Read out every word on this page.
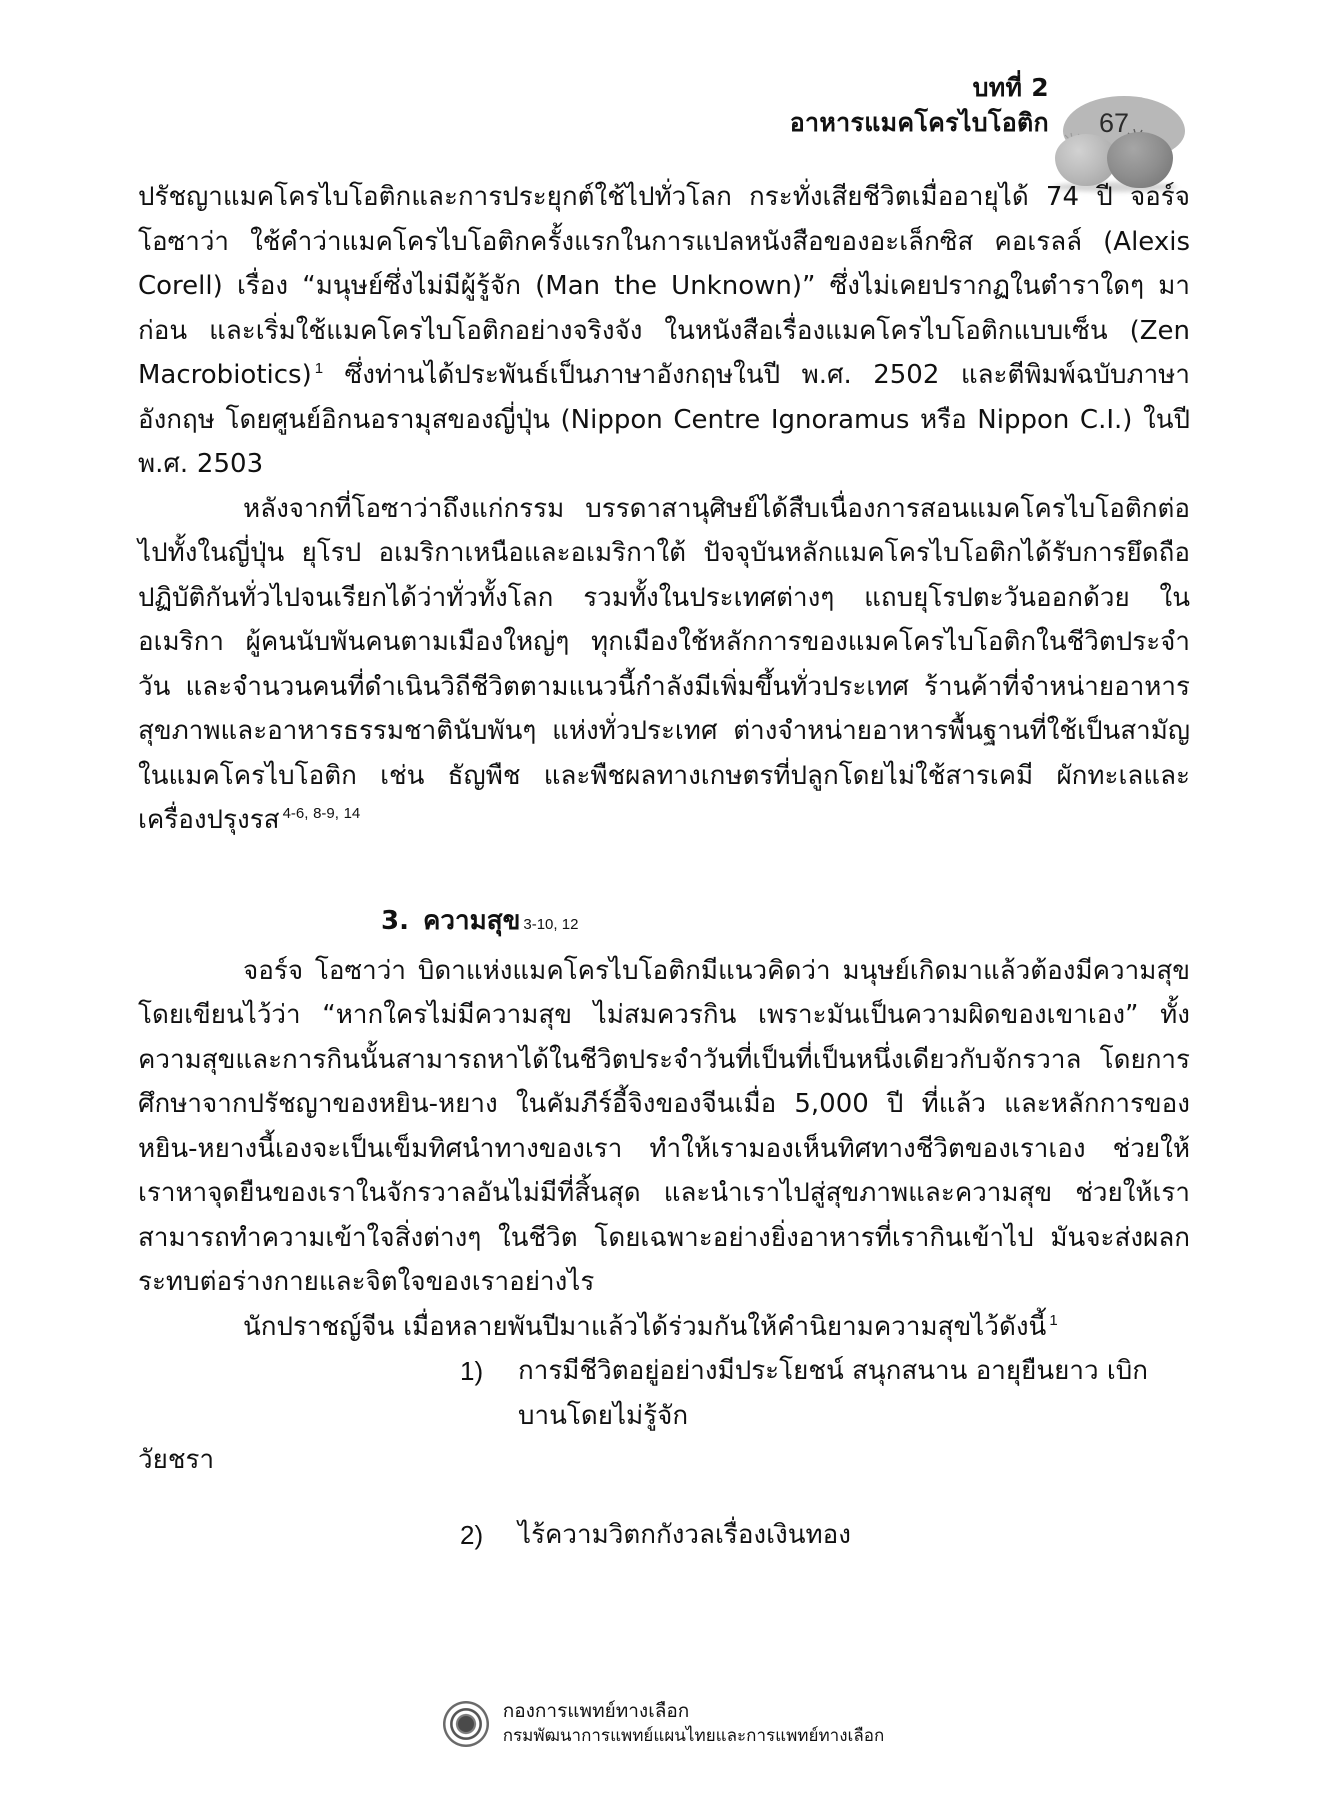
บทที่ 2
อาหารแมคโครไบโอติก	67

ปรัชญาแมคโครไบโอติกและการประยุกต์ใช้ไปทั่วโลก กระทั่งเสียชีวิตเมื่ออายุได้ 74 ปี จอร์จ โอซาว่า ใช้คำว่าแมคโครไบโอติกครั้งแรกในการแปลหนังสือของอะเล็กซิส คอเรลล์ (Alexis Corell) เรื่อง “มนุษย์ซึ่งไม่มีผู้รู้จัก (Man the Unknown)” ซึ่งไม่เคยปรากฏในตำราใดๆ มาก่อน และเริ่มใช้แมคโครไบโอติกอย่างจริงจัง ในหนังสือเรื่องแมคโครไบโอติกแบบเซ็น (Zen Macrobiotics) $^1$ ซึ่งท่านได้ประพันธ์เป็นภาษาอังกฤษในปี พ.ศ. 2502 และตีพิมพ์ฉบับภาษาอังกฤษ โดยศูนย์อิกนอรามุสของญี่ปุ่น (Nippon Centre Ignoramus หรือ Nippon C.I.) ในปี พ.ศ. 2503

หลังจากที่โอซาว่าถึงแก่กรรม บรรดาสานุศิษย์ได้สืบเนื่องการสอนแมคโครไบโอติกต่อไปทั้งในญี่ปุ่น ยุโรป อเมริกาเหนือและอเมริกาใต้ ปัจจุบันหลักแมคโครไบโอติกได้รับการยึดถือปฏิบัติกันทั่วไปจนเรียกได้ว่าทั่วทั้งโลก รวมทั้งในประเทศต่างๆ แถบยุโรปตะวันออกด้วย ในอเมริกา ผู้คนนับพันคนตามเมืองใหญ่ๆ ทุกเมืองใช้หลักการของแมคโครไบโอติกในชีวิตประจำวัน และจำนวนคนที่ดำเนินวิถีชีวิตตามแนวนี้กำลังมีเพิ่มขึ้นทั่วประเทศ ร้านค้าที่จำหน่ายอาหารสุขภาพและอาหารธรรมชาตินับพันๆ แห่งทั่วประเทศ ต่างจำหน่ายอาหารพื้นฐานที่ใช้เป็นสามัญในแมคโครไบโอติก เช่น ธัญพืช และพืชผลทางเกษตรที่ปลูกโดยไม่ใช้สารเคมี ผักทะเลและเครื่องปรุงรส $^{4-6, 8-9, 14}$

3. ความสุข 3-10, 12

จอร์จ โอซาว่า บิดาแห่งแมคโครไบโอติกมีแนวคิดว่า มนุษย์เกิดมาแล้วต้องมีความสุข โดยเขียนไว้ว่า “หากใครไม่มีความสุข ไม่สมควรกิน เพราะมันเป็นความผิดของเขาเอง” ทั้งความสุขและการกินนั้นสามารถหาได้ในชีวิตประจำวันที่เป็นที่เป็นหนึ่งเดียวกับจักรวาล โดยการศึกษาจากปรัชญาของหยิน-หยาง ในคัมภีร์อี้จิงของจีนเมื่อ 5,000 ปี ที่แล้ว และหลักการของหยิน-หยางนี้เองจะเป็นเข็มทิศนำทางของเรา ทำให้เรามองเห็นทิศทางชีวิตของเราเอง ช่วยให้เราหาจุดยืนของเราในจักรวาลอันไม่มีที่สิ้นสุด และนำเราไปสู่สุขภาพและความสุข ช่วยให้เราสามารถทำความเข้าใจสิ่งต่างๆ ในชีวิต โดยเฉพาะอย่างยิ่งอาหารที่เรากินเข้าไป มันจะส่งผลกระทบต่อร่างกายและจิตใจของเราอย่างไร

นักปราชญ์จีน เมื่อหลายพันปีมาแล้วได้ร่วมกันให้คำนิยามความสุขไว้ดังนี้ $^1$

1)	การมีชีวิตอยู่อย่างมีประโยชน์ สนุกสนาน อายุยืนยาว เบิกบานโดยไม่รู้จัก
วัยชรา
2)	ไร้ความวิตกกังวลเรื่องเงินทอง
กองการแพทย์ทางเลือก
กรมพัฒนาการแพทย์แผนไทยและการแพทย์ทางเลือก
